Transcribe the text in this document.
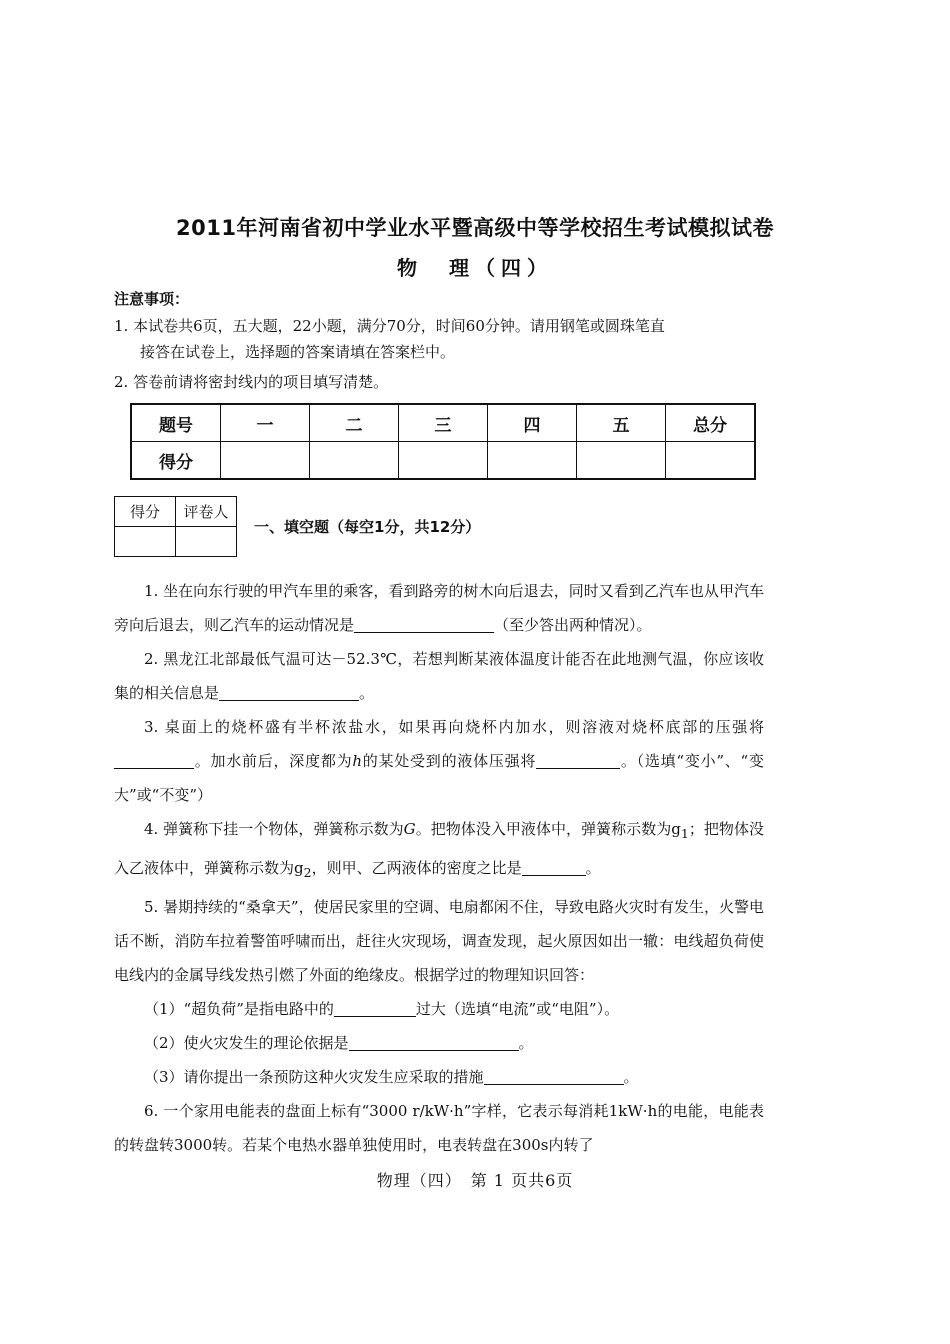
2011年河南省初中学业水平暨高级中等学校招生考试模拟试卷
物　理（四）
注意事项：
1. 本试卷共6页，五大题，22小题，满分70分，时间60分钟。请用钢笔或圆珠笔直
接答在试卷上，选择题的答案请填在答案栏中。
2. 答卷前请将密封线内的项目填写清楚。
题号	一	二	三	四	五	总分
得分						
得分	评卷人

一、填空题（每空1分，共12分）

1. 坐在向东行驶的甲汽车里的乘客，看到路旁的树木向后退去，同时又看到乙汽车也从甲汽车旁向后退去，则乙汽车的运动情况是	（至少答出两种情况）。

2. 黑龙江北部最低气温可达－52.3℃，若想判断某液体温度计能否在此地测气温，你应该收集的相关信息是	。

3. 桌面上的烧杯盛有半杯浓盐水，如果再向烧杯内加水，则溶液对烧杯底部的压强将。加水前后，深度都为h的某处受到的液体压强将	。（选填“变小”、“变大”或“不变”）

4. 弹簧称下挂一个物体，弹簧称示数为G。把物体没入甲液体中，弹簧称示数为$g_1$；把物体没入乙液体中，弹簧称示数为$g_2$，则甲、乙两液体的密度之比是	。

5. 暑期持续的“桑拿天”，使居民家里的空调、电扇都闲不住，导致电路火灾时有发生，火警电话不断，消防车拉着警笛呼啸而出，赶往火灾现场，调查发现，起火原因如出一辙：电线超负荷使电线内的金属导线发热引燃了外面的绝缘皮。根据学过的物理知识回答：

（1）“超负荷”是指电路中的	过大（选填“电流”或“电阻”）。

（2）使火灾发生的理论依据是	。

（3）请你提出一条预防这种火灾发生应采取的措施	。

6. 一个家用电能表的盘面上标有“3000 r/kW·h”字样，它表示每消耗1kW·h的电能，电能表的转盘转3000转。若某个电热水器单独使用时，电表转盘在300s内转了

物理（四）　第 1 页共6页
